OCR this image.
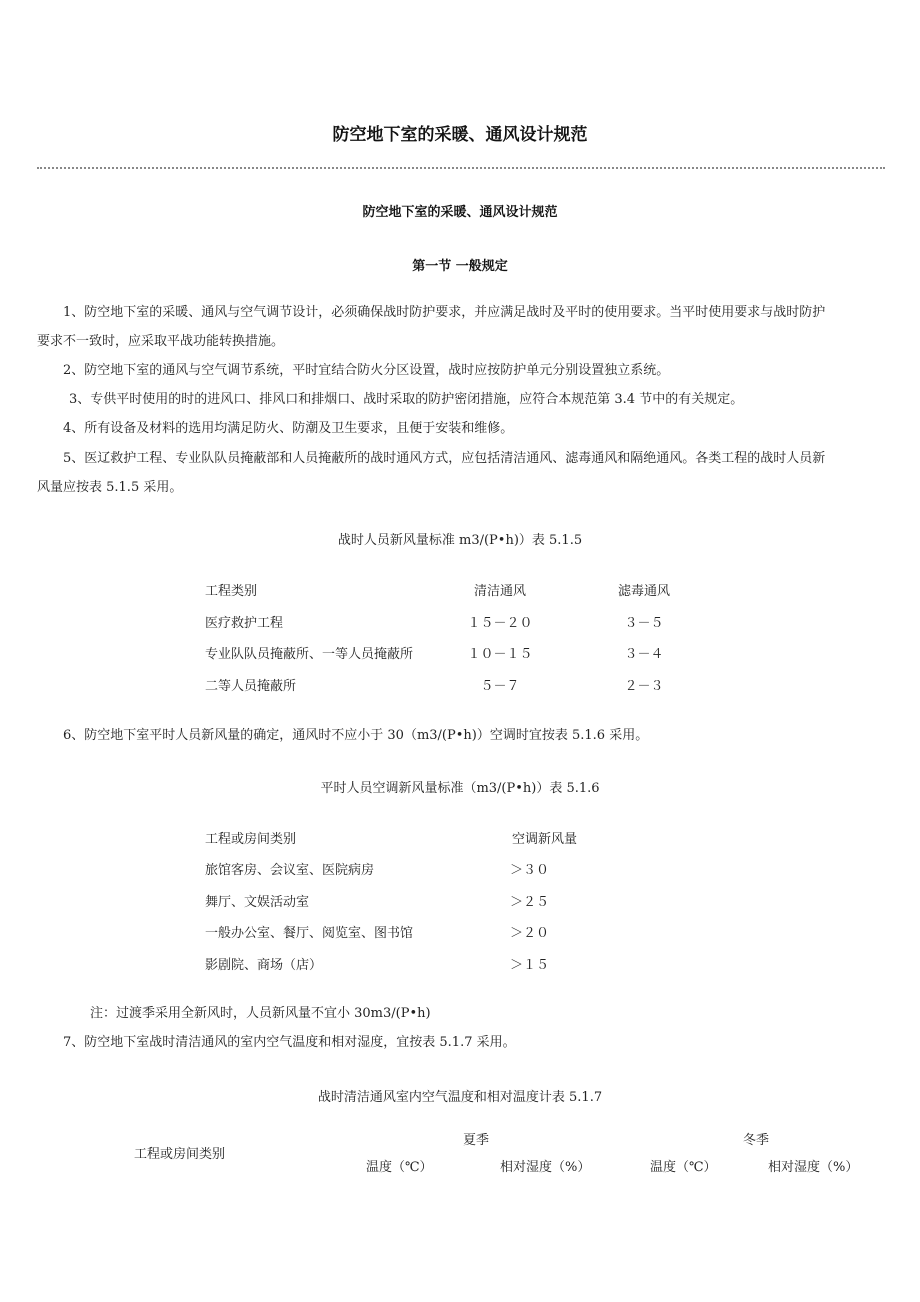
防空地下室的采暖、通风设计规范
防空地下室的采暖、通风设计规范
第一节 一般规定
1、防空地下室的采暖、通风与空气调节设计，必须确保战时防护要求，并应满足战时及平时的使用要求。当平时使用要求与战时防护
要求不一致时，应采取平战功能转换措施。
2、防空地下室的通风与空气调节系统，平时宜结合防火分区设置，战时应按防护单元分别设置独立系统。
3、专供平时使用的时的进风口、排风口和排烟口、战时采取的防护密闭措施，应符合本规范第 3.4 节中的有关规定。
4、所有设备及材料的选用均满足防火、防潮及卫生要求，且便于安装和维修。
5、医辽救护工程、专业队队员掩蔽部和人员掩蔽所的战时通风方式，应包括清洁通风、滤毒通风和隔绝通风。各类工程的战时人员新
风量应按表 5.1.5 采用。
战时人员新风量标准 m3/(P•h)）表 5.1.5
工程类别	清洁通风	滤毒通风
医疗救护工程	１５－２０	３－５
专业队队员掩蔽所、一等人员掩蔽所	１０－１５	３－４
二等人员掩蔽所	５－７	２－３
6、防空地下室平时人员新风量的确定，通风时不应小于 30（m3/(P•h)）空调时宜按表 5.1.6 采用。
平时人员空调新风量标准（m3/(P•h)）表 5.1.6
工程或房间类别	空调新风量
旅馆客房、会议室、医院病房	＞３０
舞厅、文娱活动室	＞２５
一般办公室、餐厅、阅览室、图书馆	＞２０
影剧院、商场（店）	＞１５
注：过渡季采用全新风时，人员新风量不宜小 30m3/(P•h)
7、防空地下室战时清洁通风的室内空气温度和相对湿度，宜按表 5.1.7 采用。
战时清洁通风室内空气温度和相对温度计表 5.1.7
工程或房间类别
夏季	冬季
温度（℃）	相对湿度（%）	温度（℃）	相对湿度（%）
